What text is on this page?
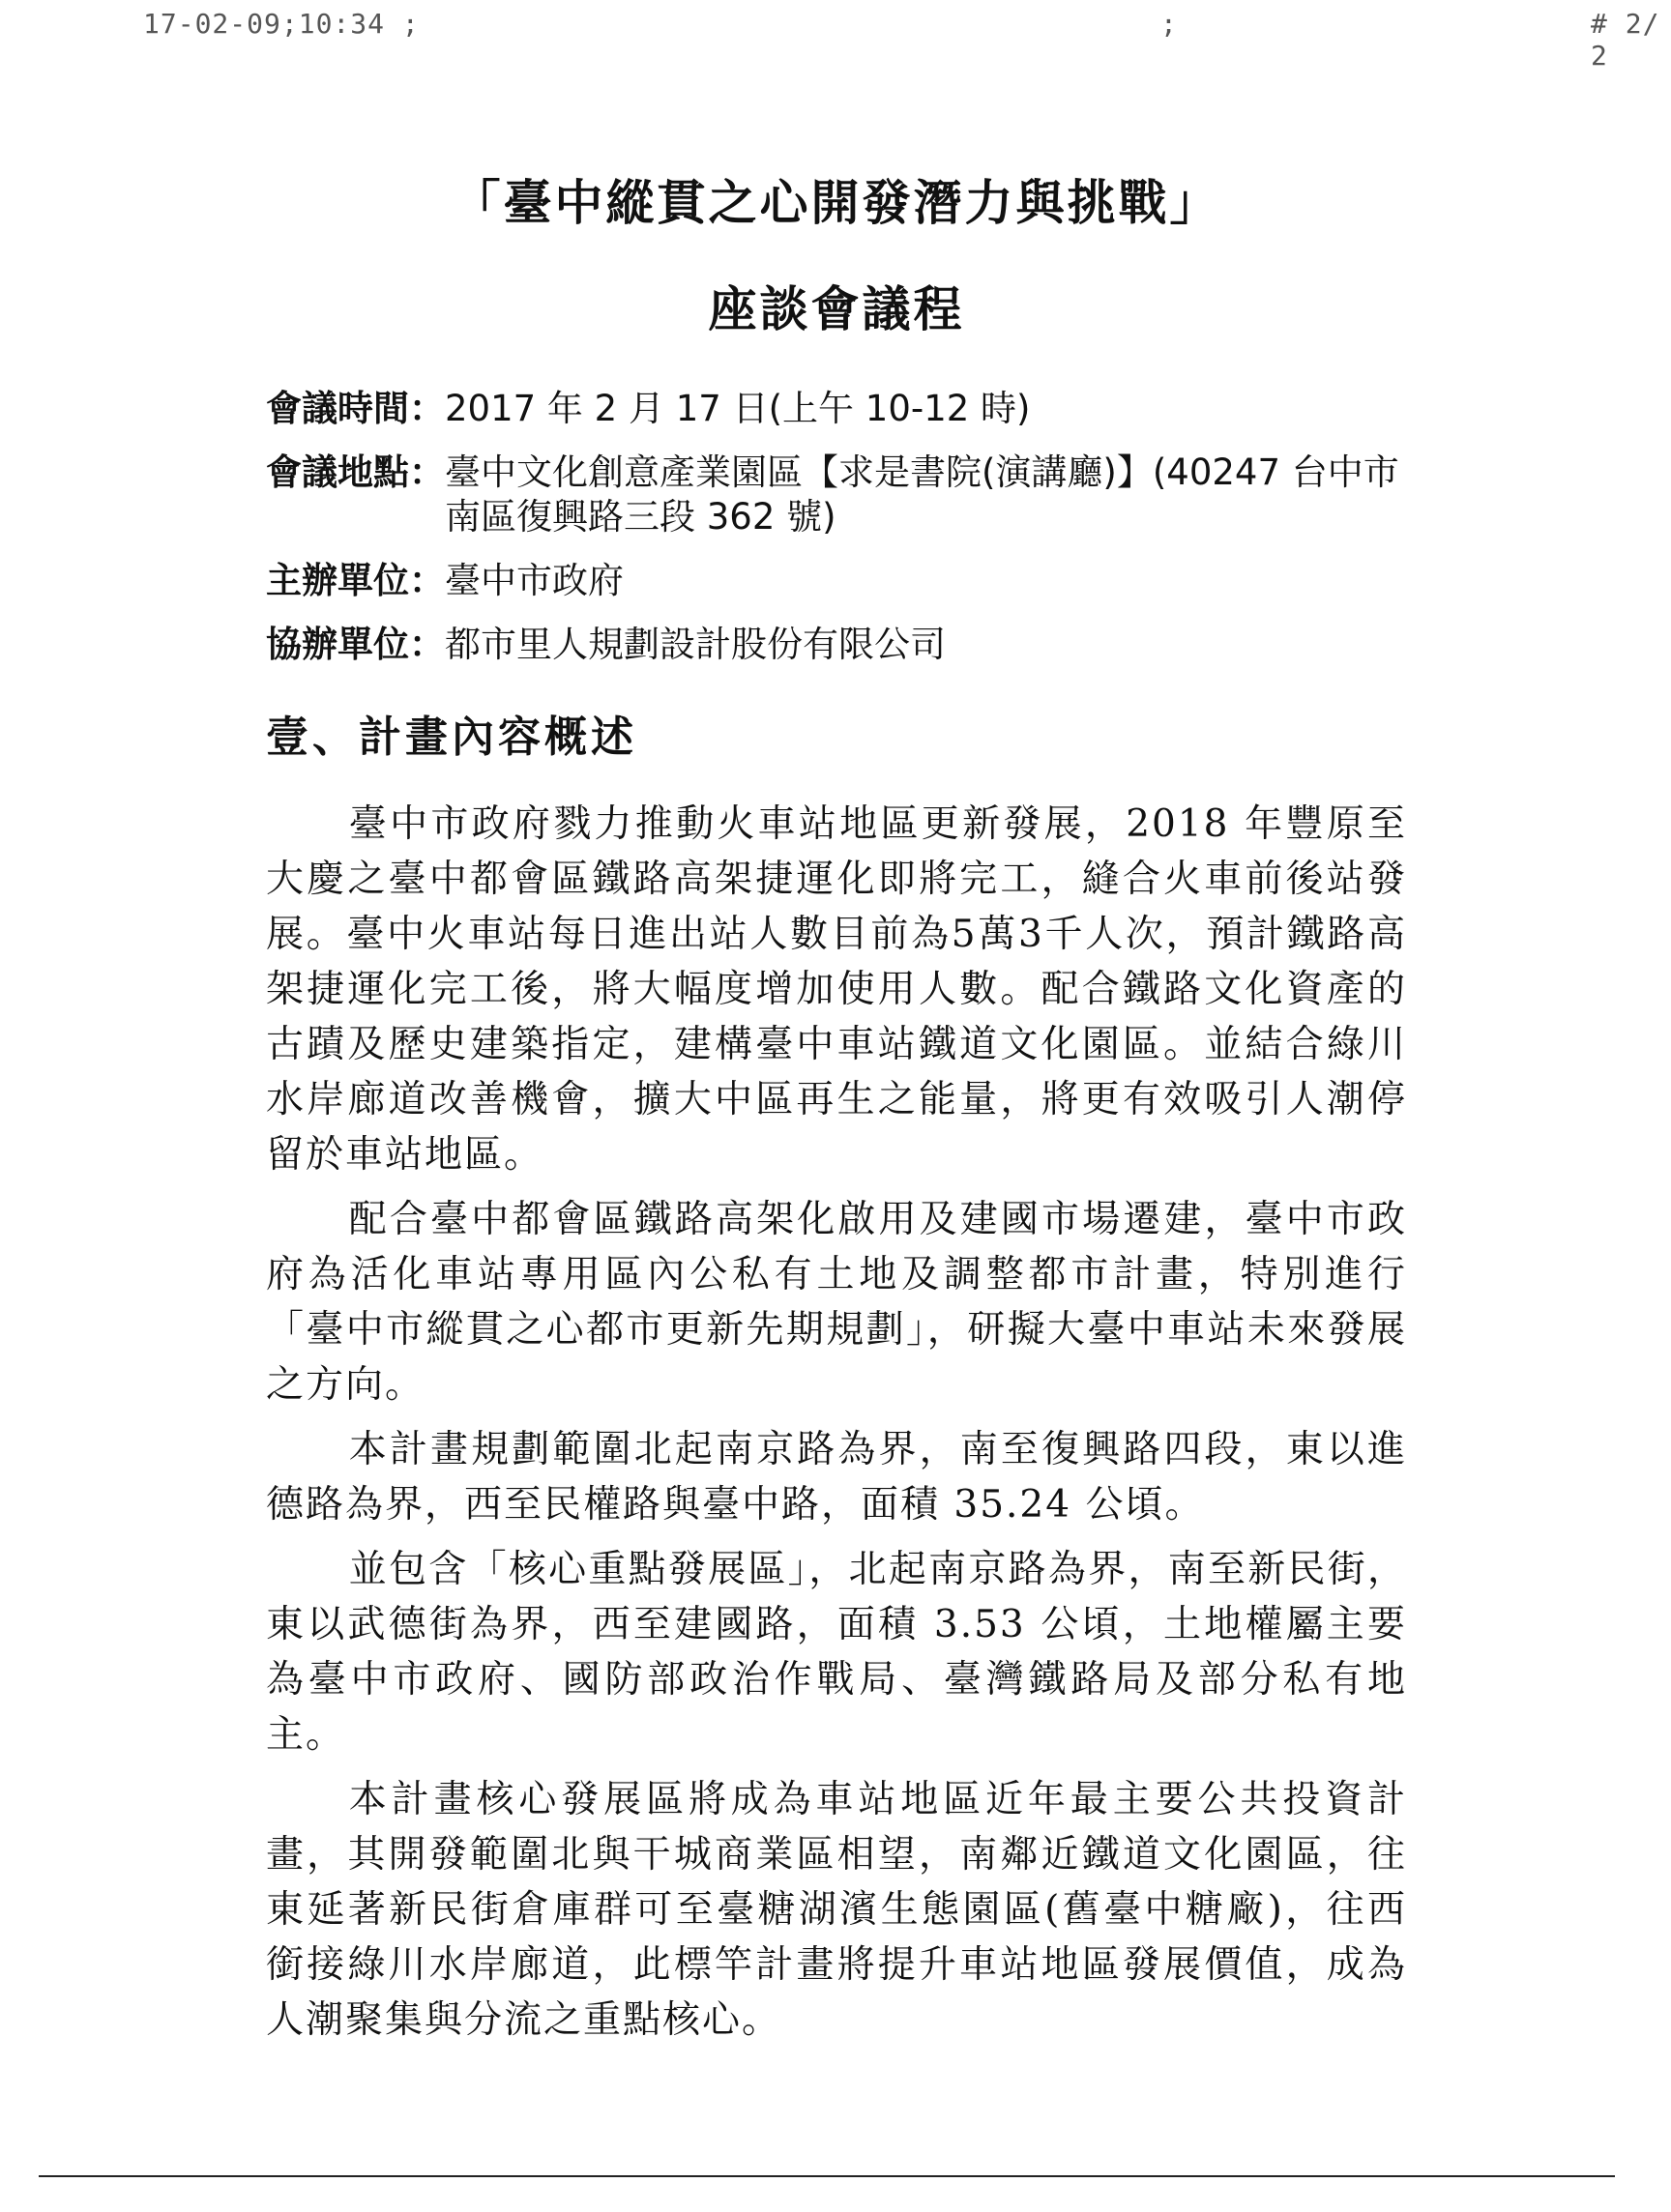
17-02-09;10:34 ;	;	# 2/ 2
「臺中縱貫之心開發潛力與挑戰」
座談會議程
會議時間： 2017 年 2 月 17 日(上午 10-12 時)
會議地點： 臺中文化創意產業園區【求是書院(演講廳)】(40247 台中市南區復興路三段 362 號)
主辦單位： 臺中市政府
協辦單位： 都市里人規劃設計股份有限公司
壹、計畫內容概述

臺中市政府戮力推動火車站地區更新發展，2018 年豐原至大慶之臺中都會區鐵路高架捷運化即將完工，縫合火車前後站發展。臺中火車站每日進出站人數目前為5萬3千人次，預計鐵路高架捷運化完工後，將大幅度增加使用人數。配合鐵路文化資產的古蹟及歷史建築指定，建構臺中車站鐵道文化園區。並結合綠川水岸廊道改善機會，擴大中區再生之能量，將更有效吸引人潮停留於車站地區。

配合臺中都會區鐵路高架化啟用及建國市場遷建，臺中市政府為活化車站專用區內公私有土地及調整都市計畫，特別進行「臺中市縱貫之心都市更新先期規劃」，研擬大臺中車站未來發展之方向。

本計畫規劃範圍北起南京路為界，南至復興路四段，東以進德路為界，西至民權路與臺中路，面積 35.24 公頃。

並包含「核心重點發展區」，北起南京路為界，南至新民街，東以武德街為界，西至建國路，面積 3.53 公頃，土地權屬主要為臺中市政府、國防部政治作戰局、臺灣鐵路局及部分私有地主。

本計畫核心發展區將成為車站地區近年最主要公共投資計畫，其開發範圍北與干城商業區相望，南鄰近鐵道文化園區，往東延著新民街倉庫群可至臺糖湖濱生態園區(舊臺中糖廠)，往西銜接綠川水岸廊道，此標竿計畫將提升車站地區發展價值，成為人潮聚集與分流之重點核心。
